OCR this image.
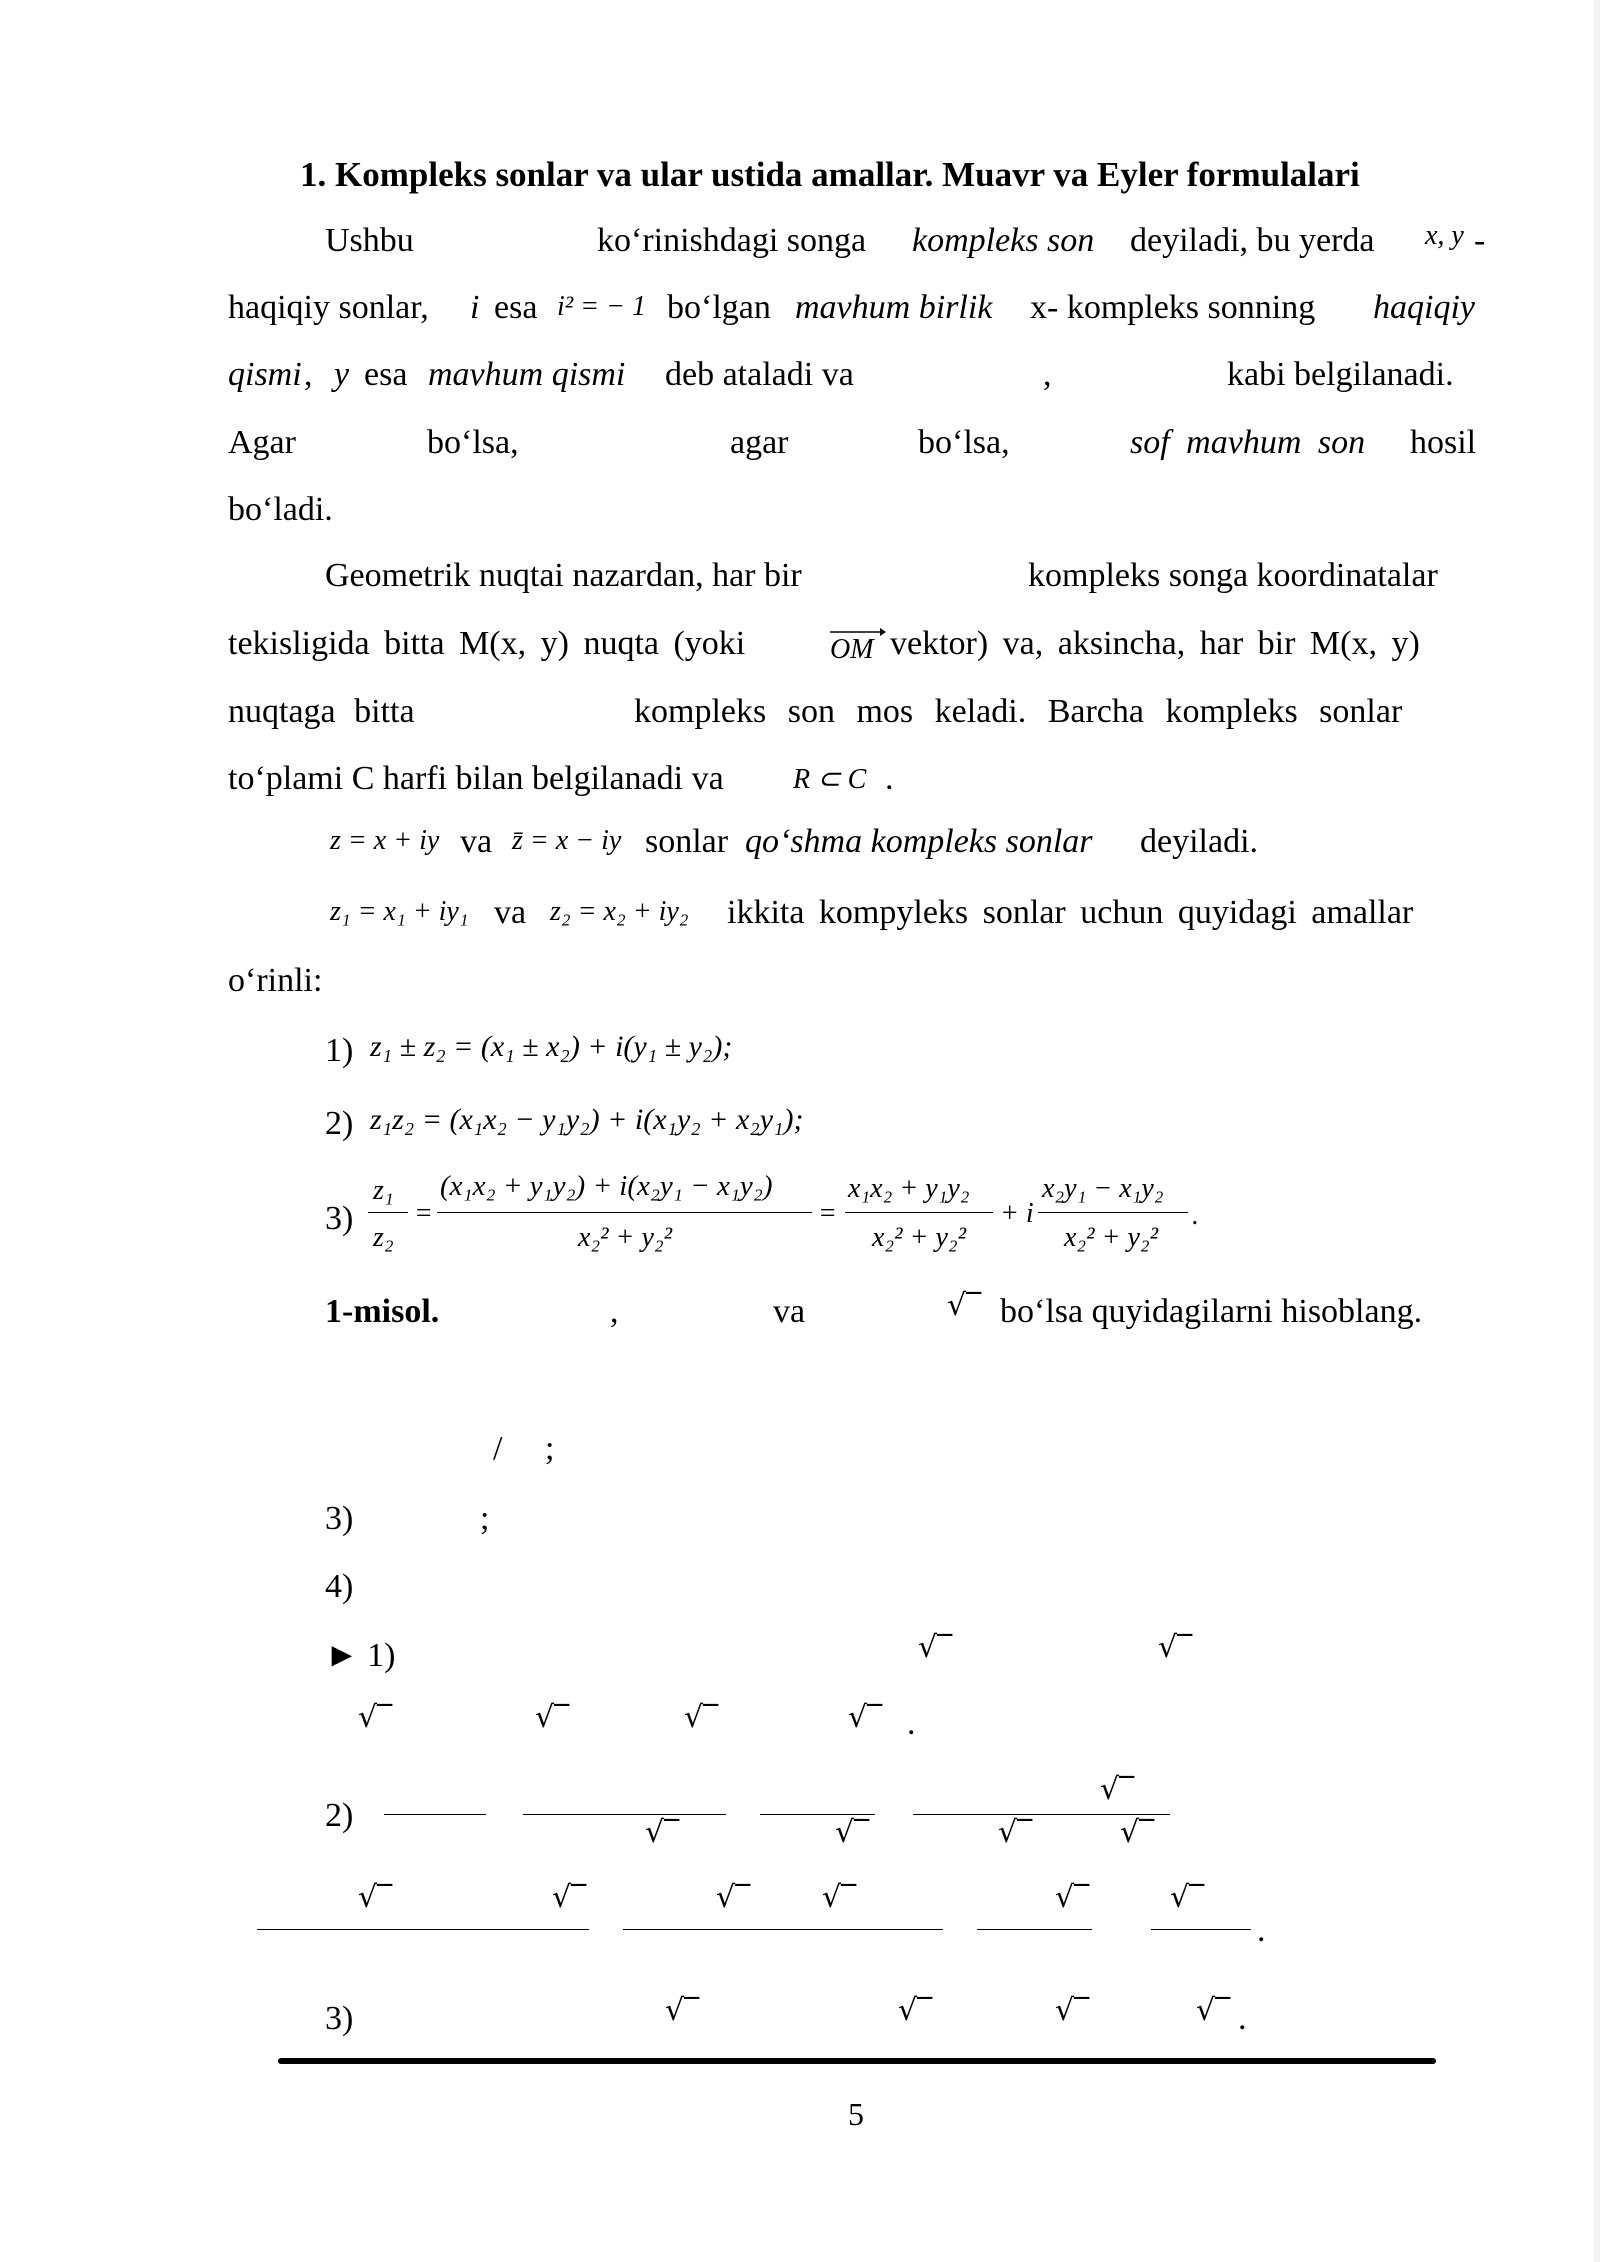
1. Kompleks sonlar va ular ustida amallar. Muavr va Eyler formulalari
Ushbu	ko‘rinishdagi songa kompleks son deyiladi, bu yerda x, y -
haqiqiy sonlar, i esa i² = − 1 bo‘lgan mavhum birlik x- kompleks sonning haqiqiy
qismi , y esa mavhum qismi deb ataladi va	,	kabi belgilanadi.
Agar	bo‘lsa,	agar	bo‘lsa,	sof mavhum son hosil
bo‘ladi.
Geometrik nuqtai nazardan, har bir	kompleks songa koordinatalar
tekisligida bitta M(x, y) nuqta (yoki	OM vektor) va, aksincha, har bir M(x, y)
nuqtaga bitta	kompleks son mos keladi. Barcha kompleks sonlar
to‘plami C harfi bilan belgilanadi va R ⊂ C .
z = x + iy va z̄ = x − iy sonlar qo‘shma kompleks sonlar deyiladi.
z₁ = x₁ + iy₁ va z₂ = x₂ + iy₂ ikkita kompyleks sonlar uchun quyidagi amallar
o‘rinli:
1) z₁ ± z₂ = (x₁ ± x₂) + i(y₁ ± y₂);
2) z₁z₂ = (x₁x₂ − y₁y₂) + i(x₁y₂ + x₂y₁);
3)
z₁
z₂
=
(x₁x₂ + y₁y₂) + i(x₂y₁ − x₁y₂)
x₂² + y₂²
=
x₁x₂ + y₁y₂
x₂² + y₂²
+ i
x₂y₁ − x₁y₂
x₂² + y₂²
.
1-misol.	,	va	√‾ bo‘lsa quyidagilarni hisoblang.
/ ;
3)	;
4)
► 1)	√‾	√‾
√‾	√‾	√‾	√‾ .
2)
√‾
√‾	√‾	√‾	√‾
√‾	√‾	√‾ √‾	√‾	√‾
.
3)	√‾	√‾	√‾	√‾ .
5
